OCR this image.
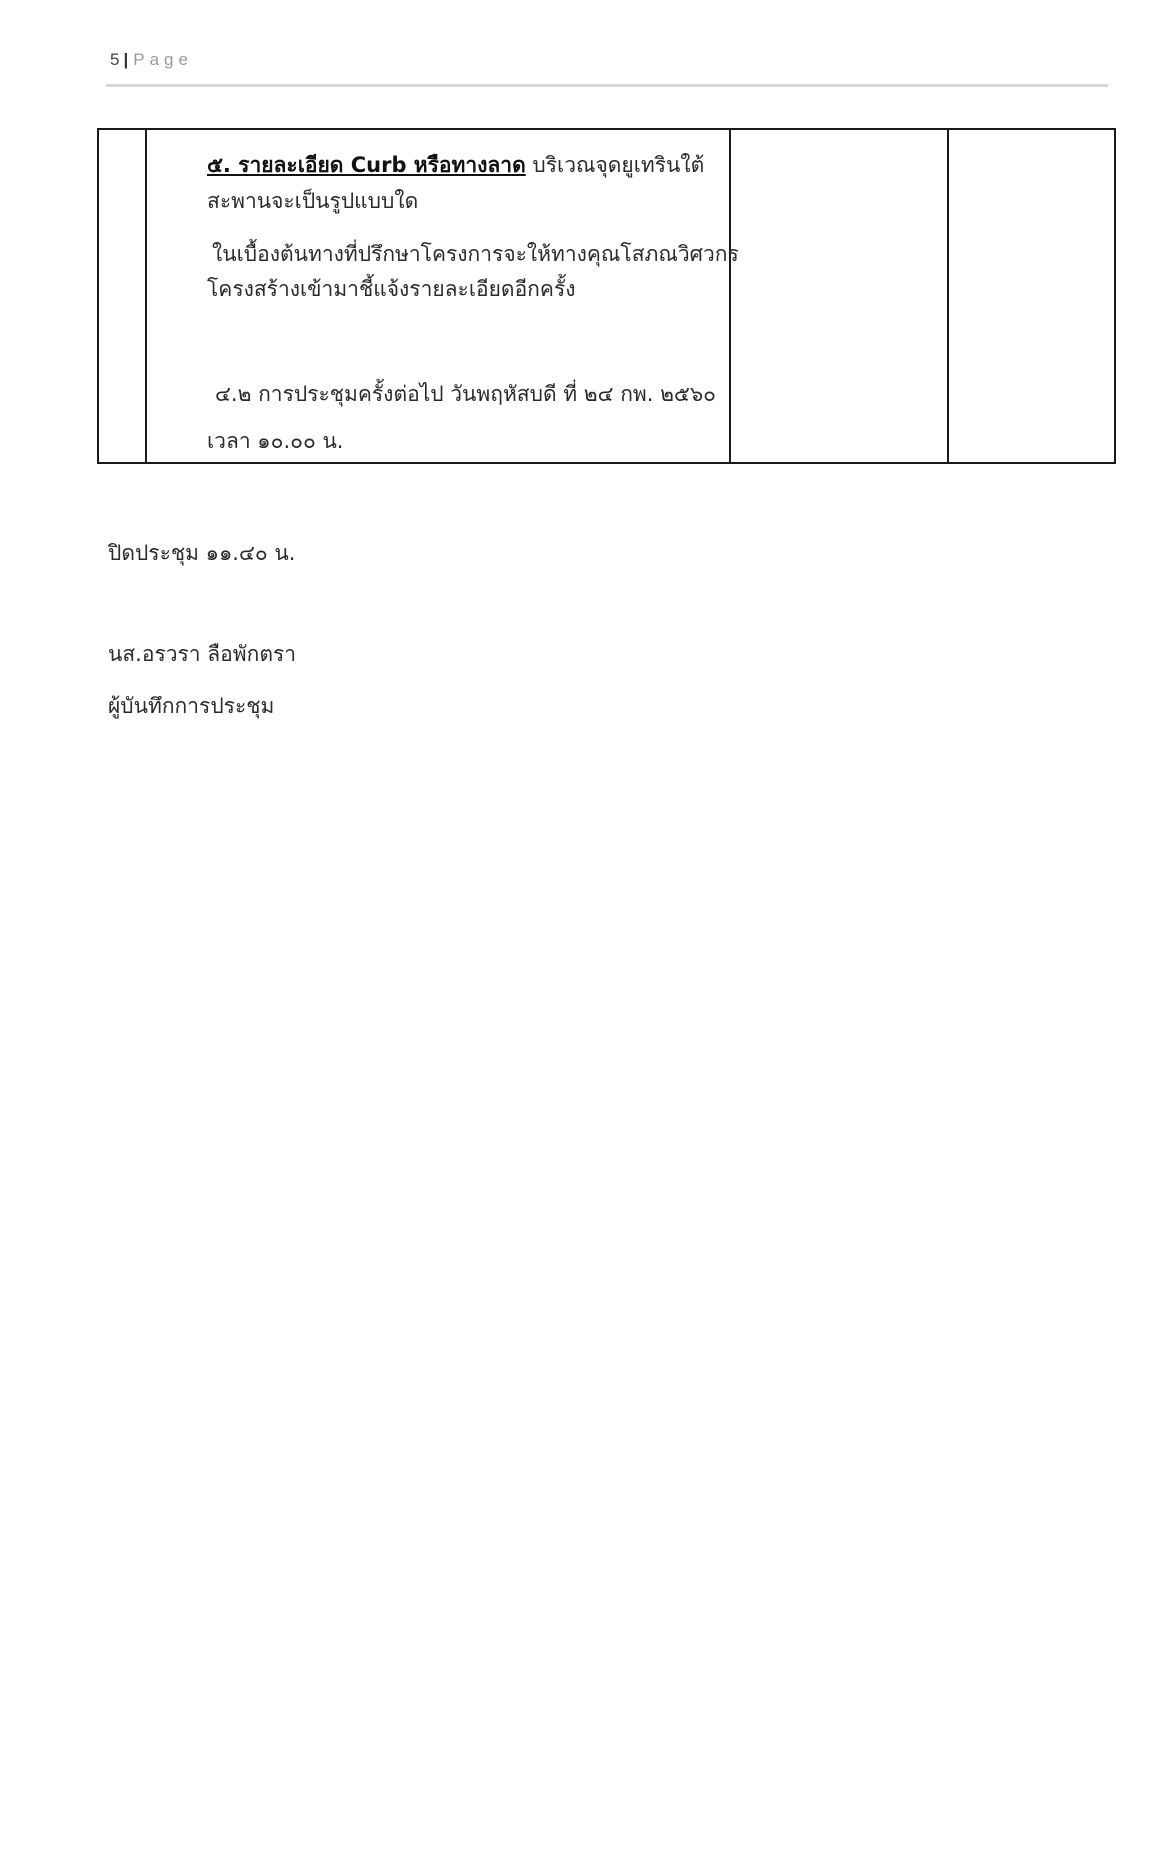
5 | Page

๕. รายละเอียด Curb หรือทางลาด บริเวณจุดยูเทรินใต้
สะพานจะเป็นรูปแบบใด
ในเบื้องต้นทางที่ปรึกษาโครงการจะให้ทางคุณโสภณวิศวกร
โครงสร้างเข้ามาชี้แจ้งรายละเอียดอีกครั้ง
๔.๒ การประชุมครั้งต่อไป วันพฤหัสบดี ที่ ๒๔ กพ. ๒๕๖๐
เวลา ๑๐.๐๐ น.

ปิดประชุม ๑๑.๔๐ น.
นส.อรวรา ลือพักตรา
ผู้บันทึกการประชุม
